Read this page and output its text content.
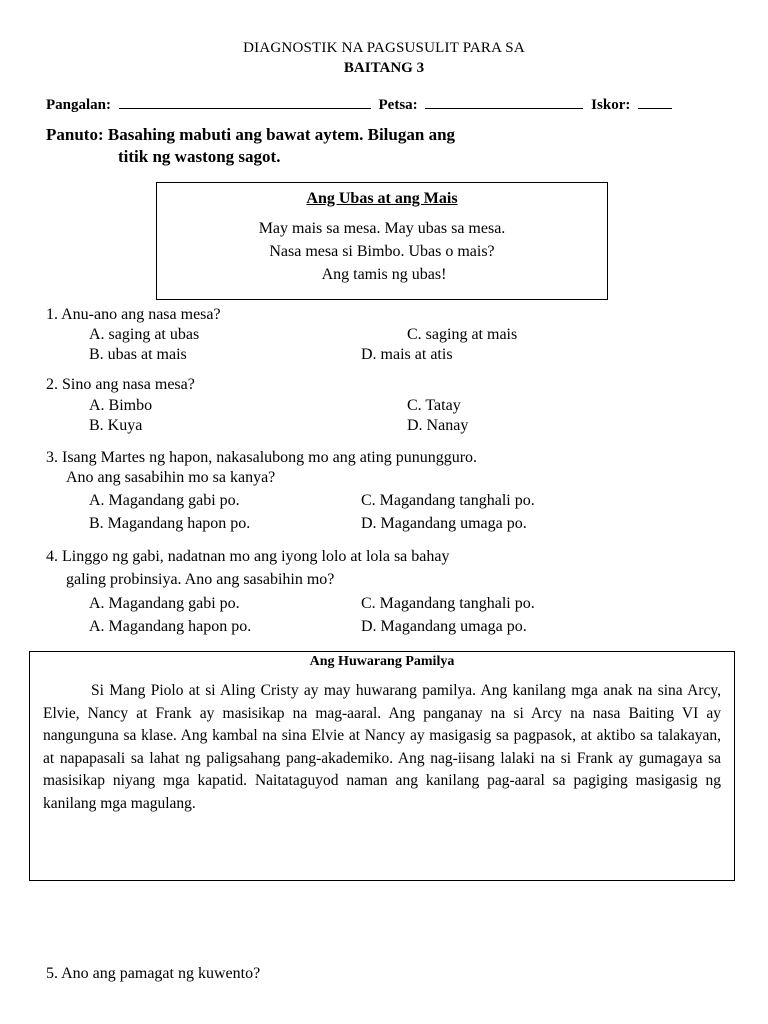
DIAGNOSTIK NA PAGSUSULIT PARA SA
BAITANG 3
Pangalan:	Petsa:	Iskor:
Panuto: Basahing mabuti ang bawat aytem. Bilugan ang
titik ng wastong sagot.
Ang Ubas at ang Mais
May mais sa mesa. May ubas sa mesa.
Nasa mesa si Bimbo. Ubas o mais?
Ang tamis ng ubas!
1. Anu-ano ang nasa mesa?
A. saging at ubas	C. saging at mais
B. ubas at mais	D. mais at atis
2. Sino ang nasa mesa?
A. Bimbo	C. Tatay
B. Kuya	D. Nanay
3. Isang Martes ng hapon, nakasalubong mo ang ating punungguro.
Ano ang sasabihin mo sa kanya?
A. Magandang gabi po.	C. Magandang tanghali po.
B. Magandang hapon po.	D. Magandang umaga po.
4. Linggo ng gabi, nadatnan mo ang iyong lolo at lola sa bahay
galing probinsiya. Ano ang sasabihin mo?
A. Magandang gabi po.	C. Magandang tanghali po.
A. Magandang hapon po.	D. Magandang umaga po.
Ang Huwarang Pamilya
Si Mang Piolo at si Aling Cristy ay may huwarang pamilya. Ang kanilang mga anak na sina Arcy, Elvie, Nancy at Frank ay masisikap na mag-aaral. Ang panganay na si Arcy na nasa Baiting VI ay nangunguna sa klase. Ang kambal na sina Elvie at Nancy ay masigasig sa pagpasok, at aktibo sa talakayan, at napapasali sa lahat ng paligsahang pang-akademiko. Ang nag-iisang lalaki na si Frank ay gumagaya sa masisikap niyang mga kapatid. Naitataguyod naman ang kanilang pag-aaral sa pagiging masigasig ng kanilang mga magulang.
5. Ano ang pamagat ng kuwento?
